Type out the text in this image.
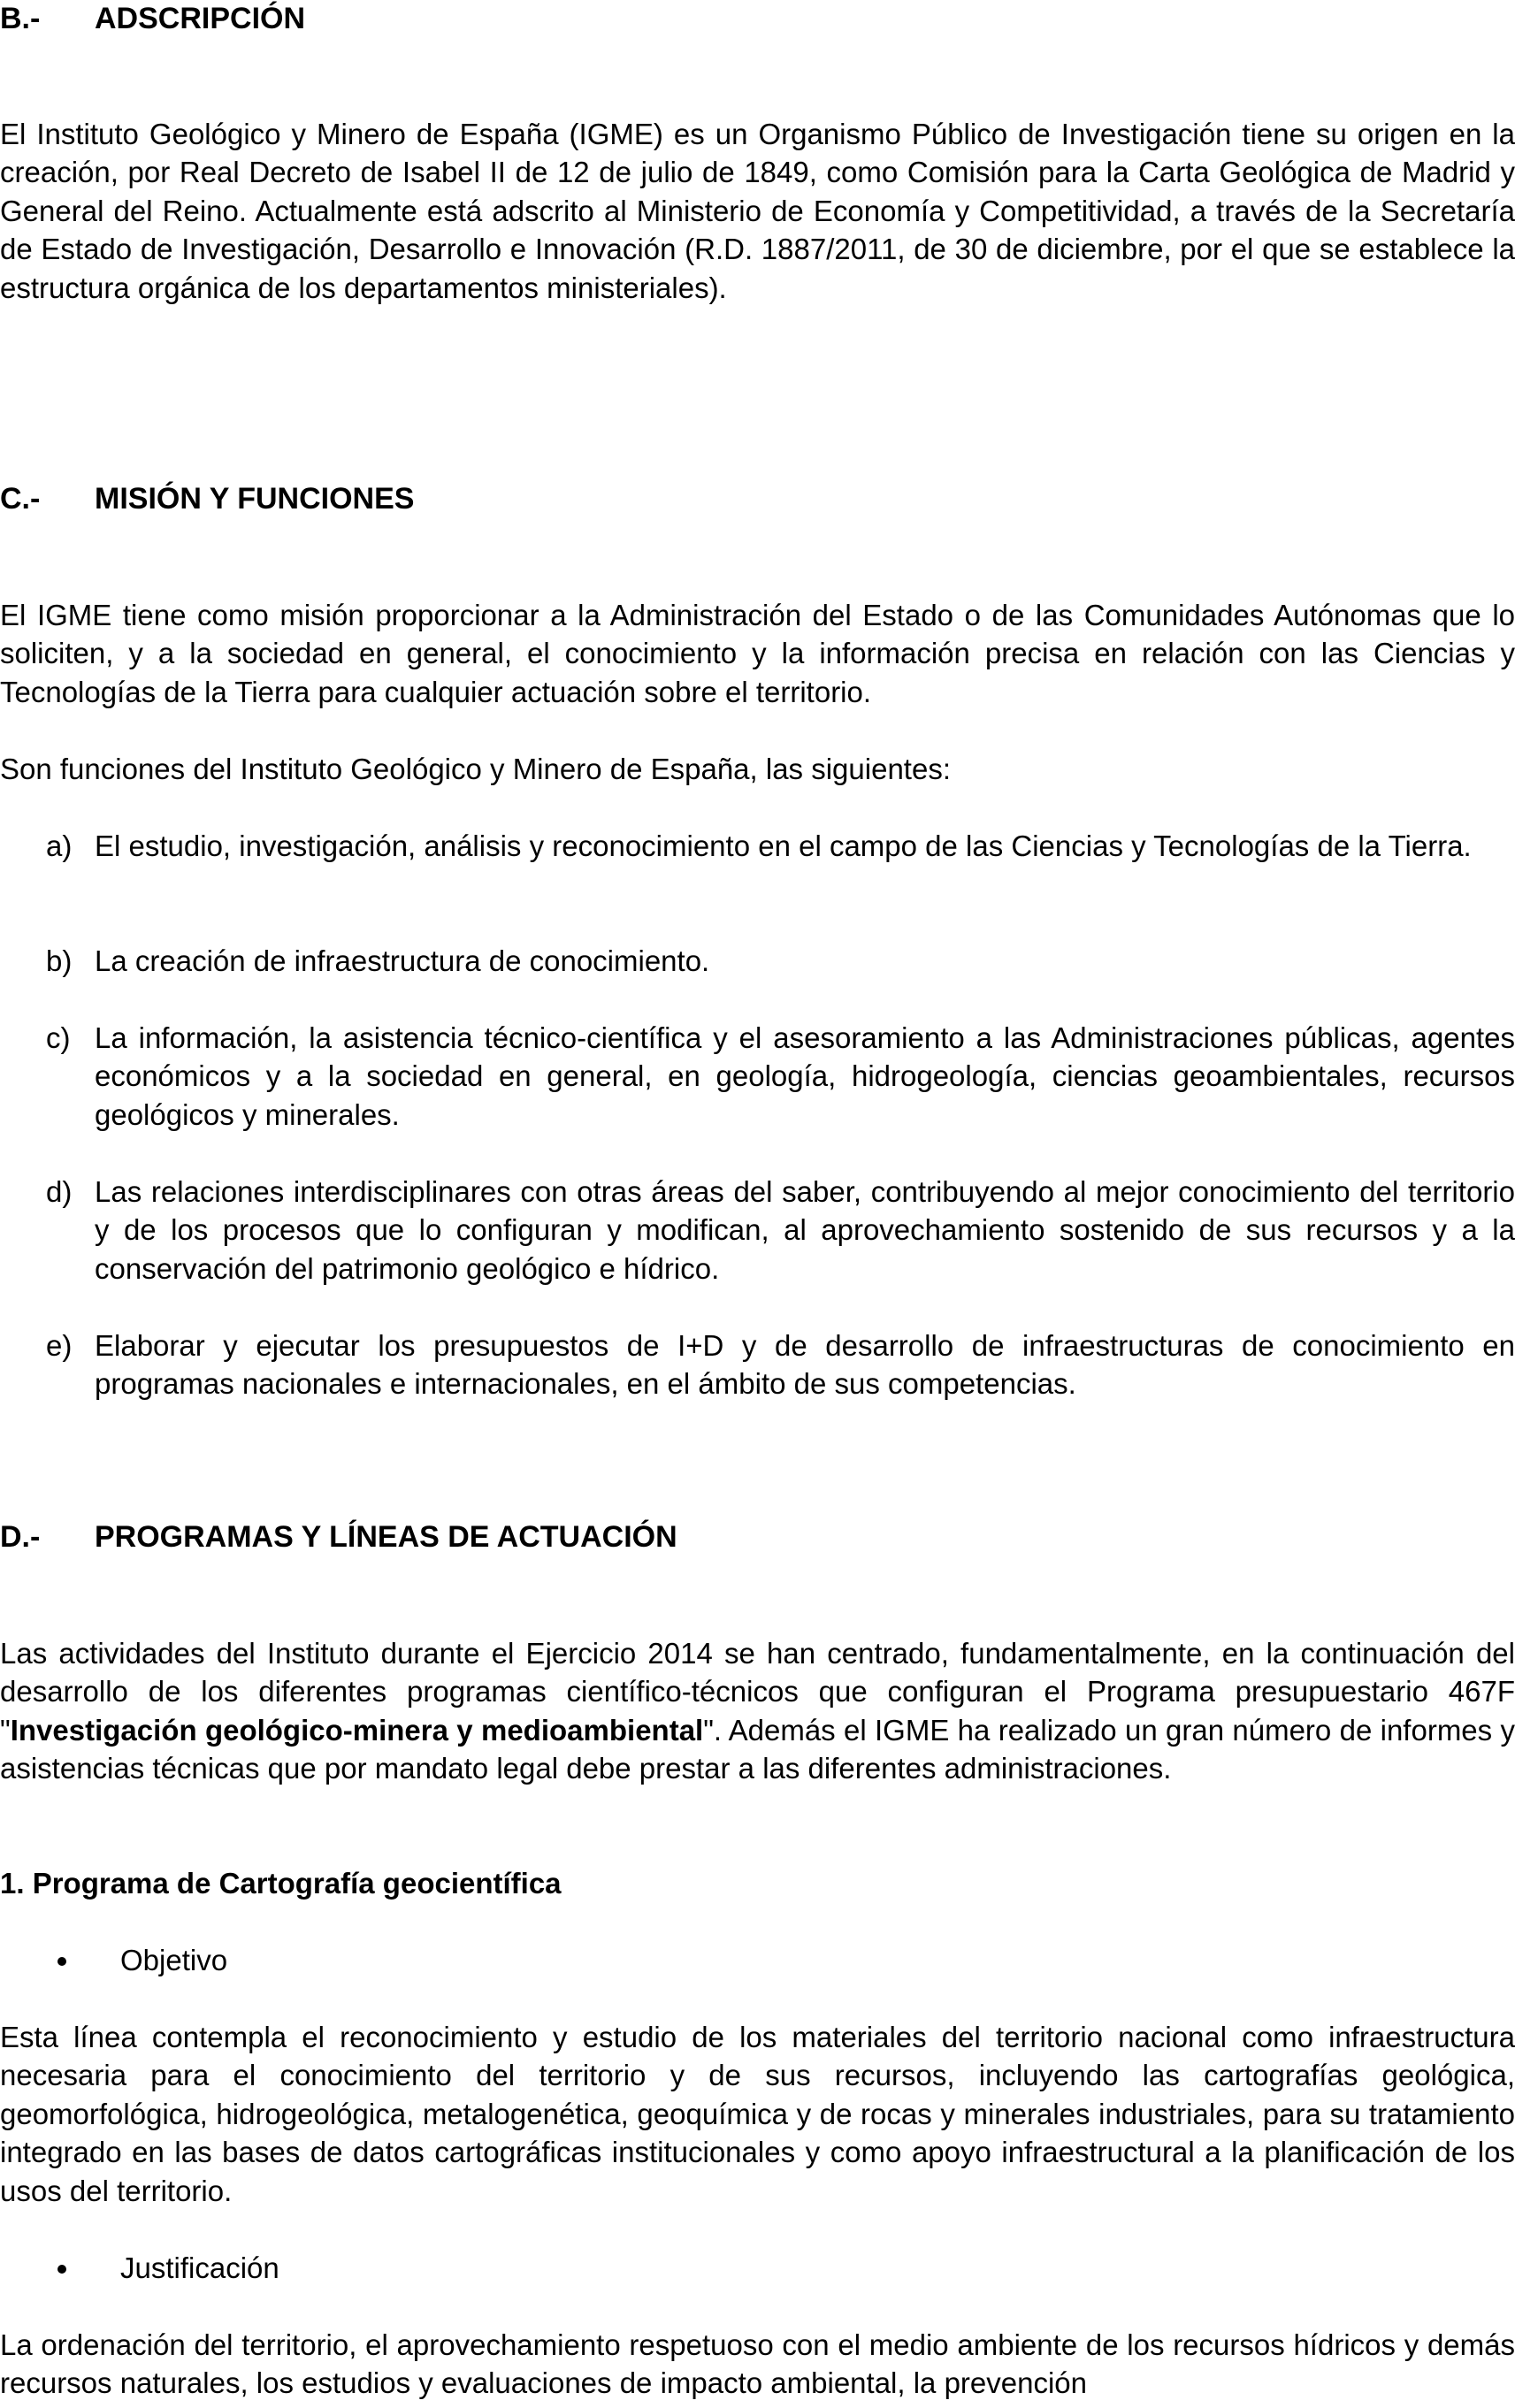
B.- ADSCRIPCIÓN

El Instituto Geológico y Minero de España (IGME) es un Organismo Público de Investigación tiene su origen en la creación, por Real Decreto de Isabel II de 12 de julio de 1849, como Comisión para la Carta Geológica de Madrid y General del Reino. Actualmente está adscrito al Ministerio de Economía y Competitividad, a través de la Secretaría de Estado de Investigación, Desarrollo e Innovación (R.D. 1887/2011, de 30 de diciembre, por el que se establece la estructura orgánica de los departamentos ministeriales).

C.- MISIÓN Y FUNCIONES

El IGME tiene como misión proporcionar a la Administración del Estado o de las Comunidades Autónomas que lo soliciten, y a la sociedad en general, el conocimiento y la información precisa en relación con las Ciencias y Tecnologías de la Tierra para cualquier actuación sobre el territorio.

Son funciones del Instituto Geológico y Minero de España, las siguientes:

a) El estudio, investigación, análisis y reconocimiento en el campo de las Ciencias y Tecnologías de la Tierra.
b) La creación de infraestructura de conocimiento.
c) La información, la asistencia técnico-científica y el asesoramiento a las Administraciones públicas, agentes económicos y a la sociedad en general, en geología, hidrogeología, ciencias geoambientales, recursos geológicos y minerales.
d) Las relaciones interdisciplinares con otras áreas del saber, contribuyendo al mejor conocimiento del territorio y de los procesos que lo configuran y modifican, al aprovechamiento sostenido de sus recursos y a la conservación del patrimonio geológico e hídrico.
e) Elaborar y ejecutar los presupuestos de I+D y de desarrollo de infraestructuras de conocimiento en programas nacionales e internacionales, en el ámbito de sus competencias.
D.- PROGRAMAS Y LÍNEAS DE ACTUACIÓN

Las actividades del Instituto durante el Ejercicio 2014 se han centrado, fundamentalmente, en la continuación del desarrollo de los diferentes programas científico-técnicos que configuran el Programa presupuestario 467F "Investigación geológico-minera y medioambiental". Además el IGME ha realizado un gran número de informes y asistencias técnicas que por mandato legal debe prestar a las diferentes administraciones.

1. Programa de Cartografía geocientífica
Objetivo

Esta línea contempla el reconocimiento y estudio de los materiales del territorio nacional como infraestructura necesaria para el conocimiento del territorio y de sus recursos, incluyendo las cartografías geológica, geomorfológica, hidrogeológica, metalogenética, geoquímica y de rocas y minerales industriales, para su tratamiento integrado en las bases de datos cartográficas institucionales y como apoyo infraestructural a la planificación de los usos del territorio.

Justificación

La ordenación del territorio, el aprovechamiento respetuoso con el medio ambiente de los recursos hídricos y demás recursos naturales, los estudios y evaluaciones de impacto ambiental, la prevención
